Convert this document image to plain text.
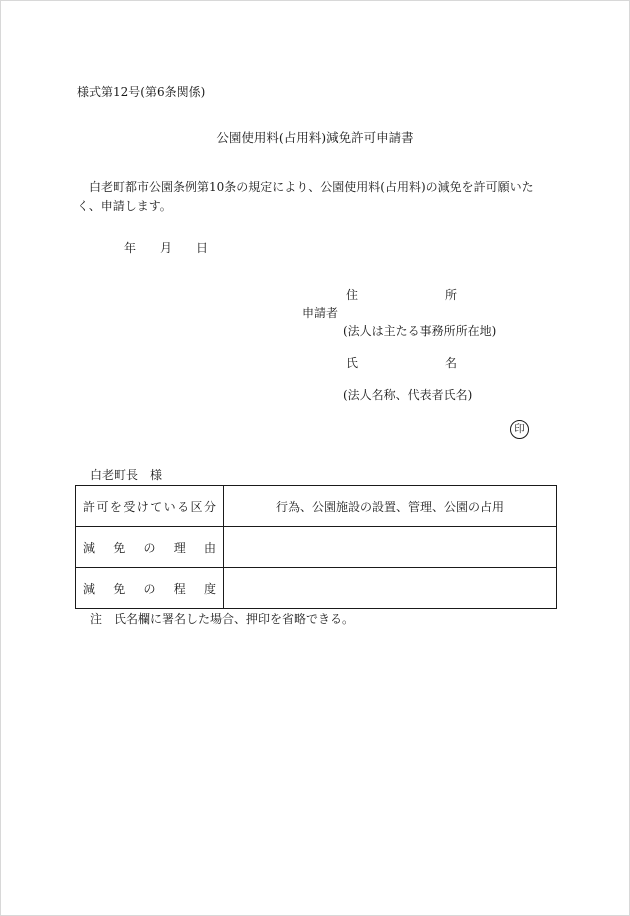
様式第12号(第6条関係)
公園使用料(占用料)減免許可申請書
白老町都市公園条例第10条の規定により、公園使用料(占用料)の減免を許可願いたく、申請します。
年 月 日
住	所
申請者
(法人は主たる事務所所在地)
氏	名
(法人名称、代表者氏名)
印
白老町長　様
許可を受けている区分	行為、公園施設の設置、管理、公園の占用
減免の理由	
減免の程度	
注　氏名欄に署名した場合、押印を省略できる。
